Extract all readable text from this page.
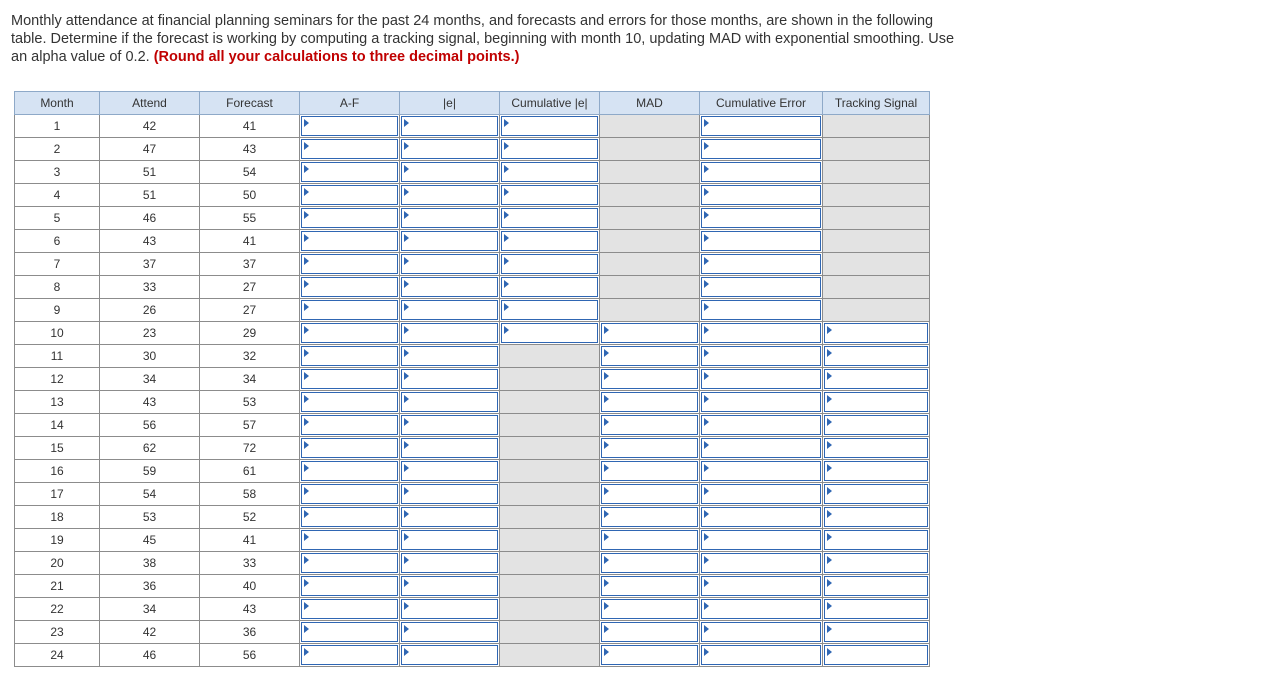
Monthly attendance at financial planning seminars for the past 24 months, and forecasts and errors for those months, are shown in the following table. Determine if the forecast is working by computing a tracking signal, beginning with month 10, updating MAD with exponential smoothing. Use an alpha value of 0.2. (Round all your calculations to three decimal points.)
Month	Attend	Forecast	A-F	|e|	Cumulative |e|	MAD	Cumulative Error	Tracking Signal
1	42	41	

2	47	43	

3	51	54	

4	51	50	

5	46	55	

6	43	41	

7	37	37	

8	33	27	

9	26	27	

10	23	29	

11	30	32	

12	34	34	

13	43	53	

14	56	57	

15	62	72	

16	59	61	

17	54	58	

18	53	52	

19	45	41	

20	38	33	

21	36	40	

22	34	43	

23	42	36	

24	46	56	
